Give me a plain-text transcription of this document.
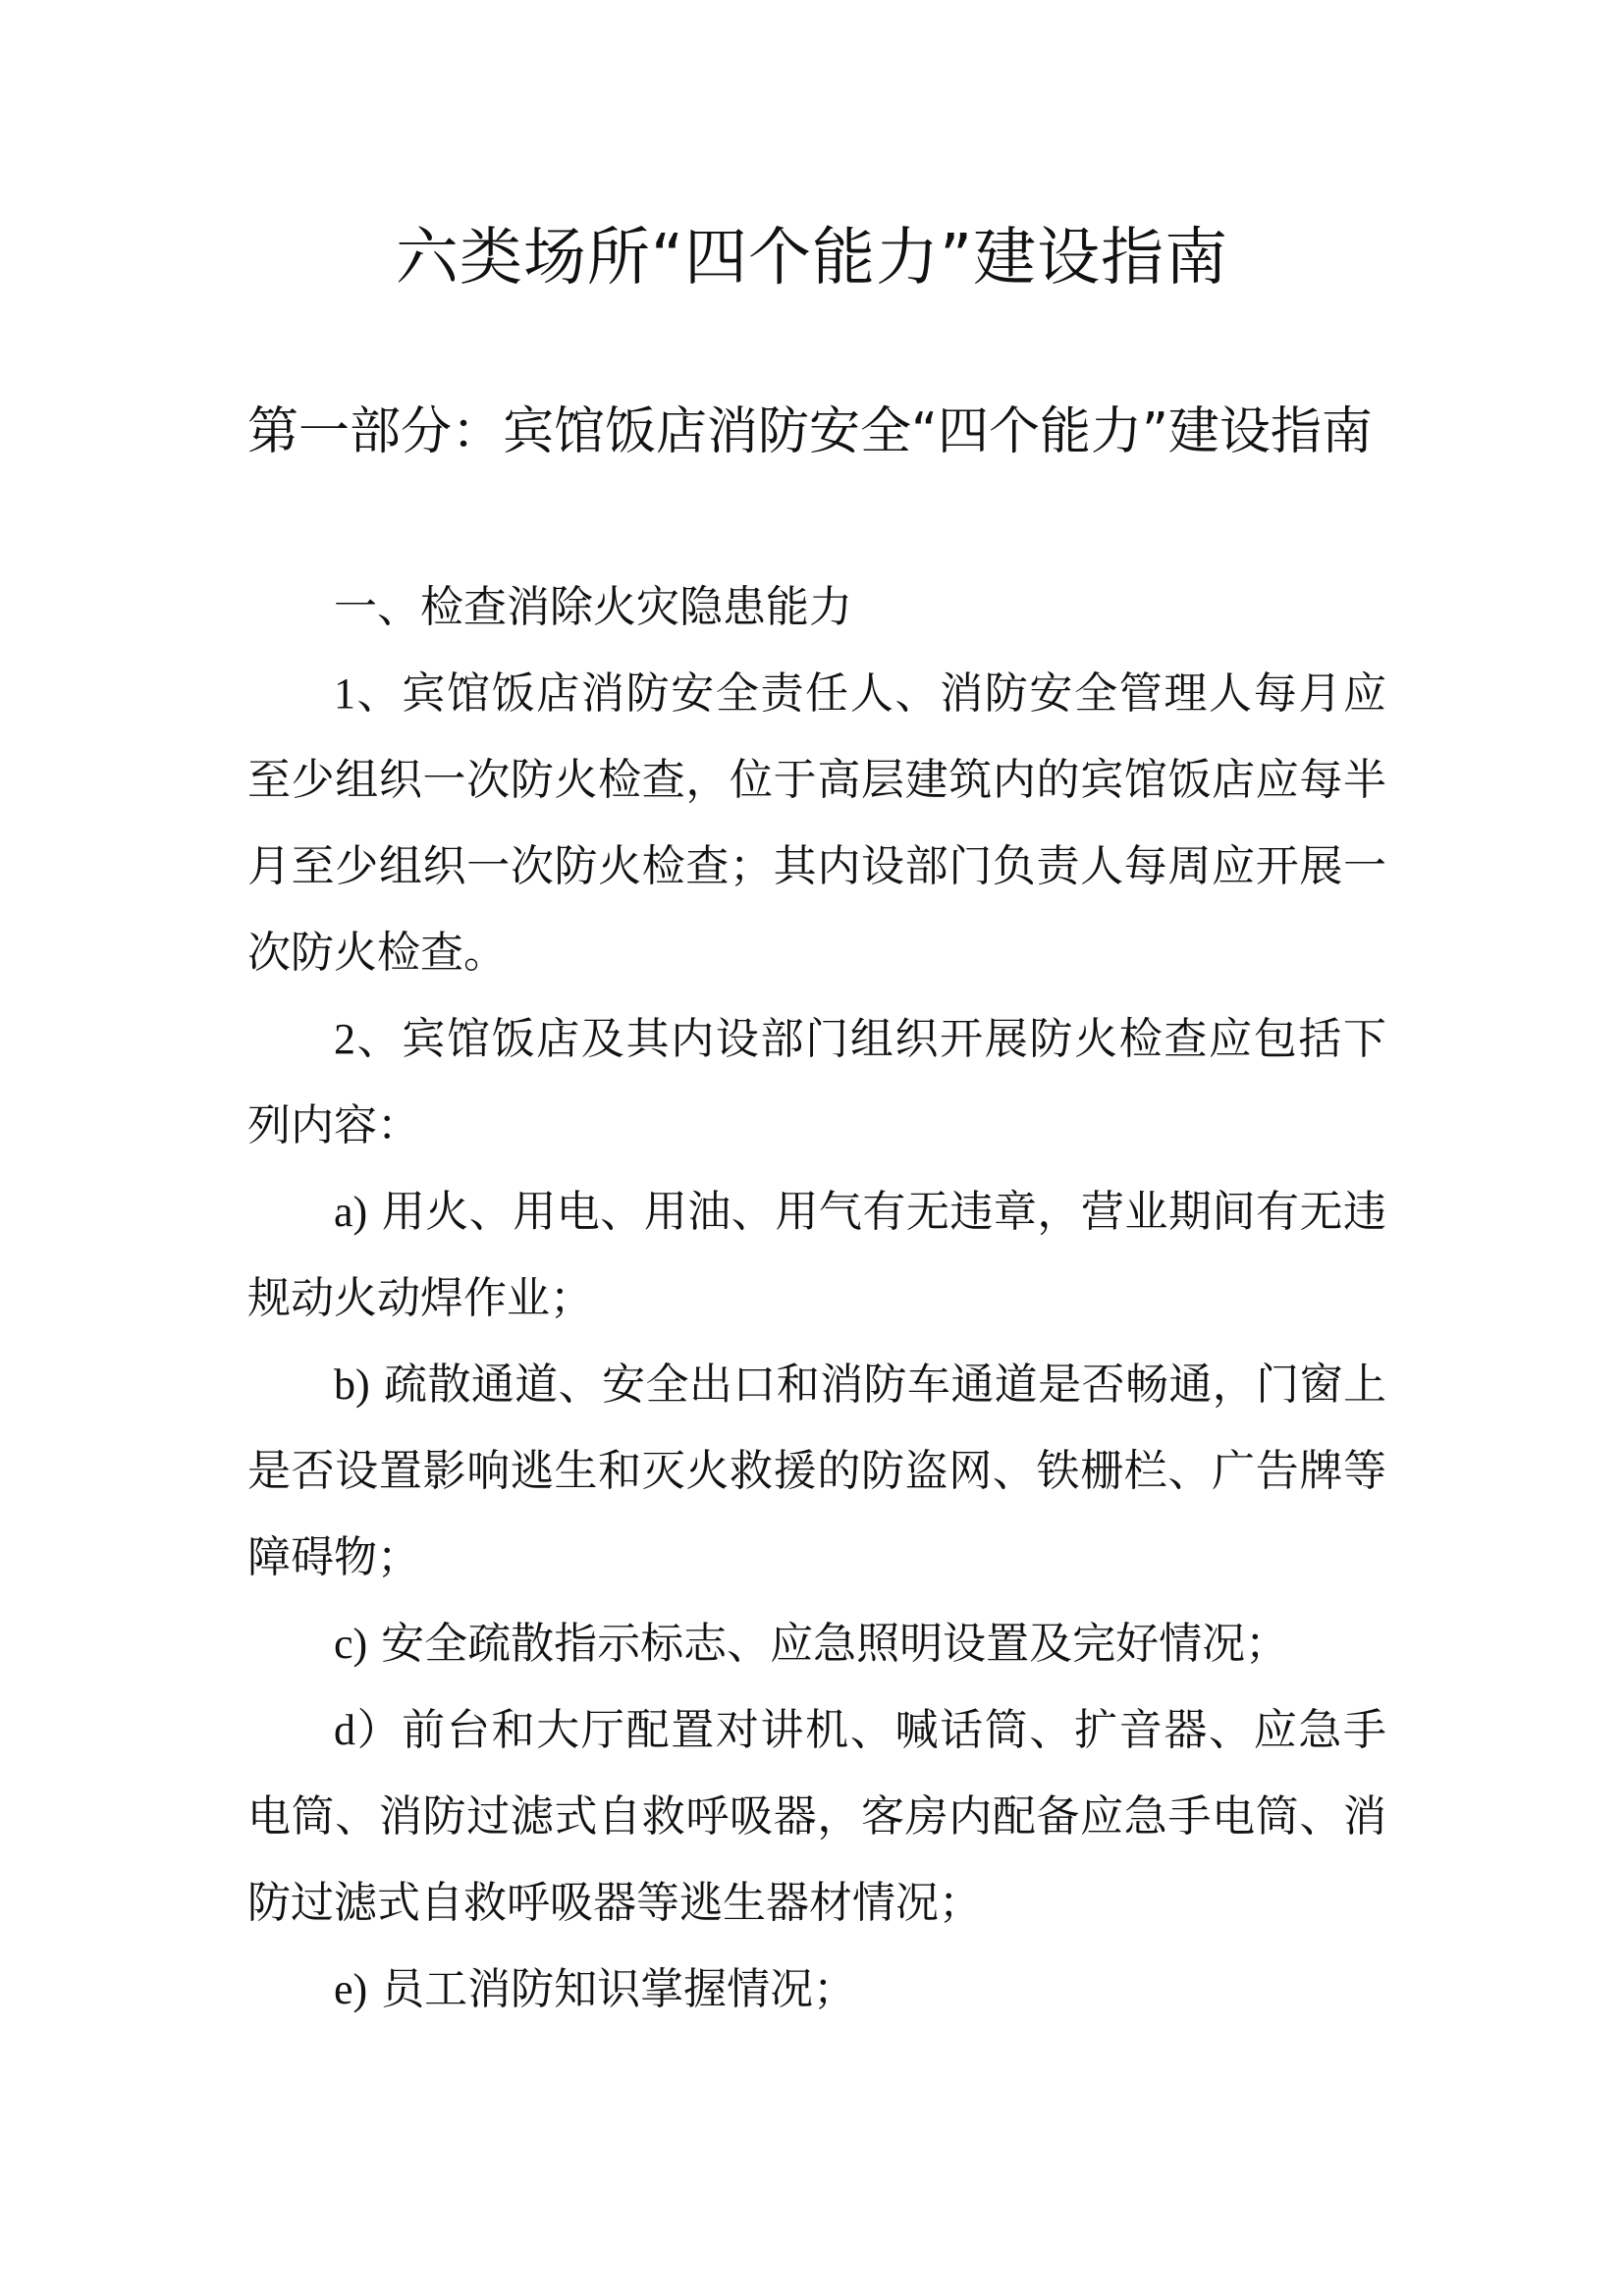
六类场所“四个能力”建设指南
第一部分：宾馆饭店消防安全“四个能力”建设指南

一、检查消除火灾隐患能力

1、宾馆饭店消防安全责任人、消防安全管理人每月应至少组织一次防火检查，位于高层建筑内的宾馆饭店应每半月至少组织一次防火检查；其内设部门负责人每周应开展一次防火检查。

2、宾馆饭店及其内设部门组织开展防火检查应包括下列内容：

a) 用火、用电、用油、用气有无违章，营业期间有无违规动火动焊作业；

b) 疏散通道、安全出口和消防车通道是否畅通，门窗上是否设置影响逃生和灭火救援的防盗网、铁栅栏、广告牌等障碍物；

c) 安全疏散指示标志、应急照明设置及完好情况；

d）前台和大厅配置对讲机、喊话筒、扩音器、应急手电筒、消防过滤式自救呼吸器，客房内配备应急手电筒、消防过滤式自救呼吸器等逃生器材情况；

e) 员工消防知识掌握情况；
